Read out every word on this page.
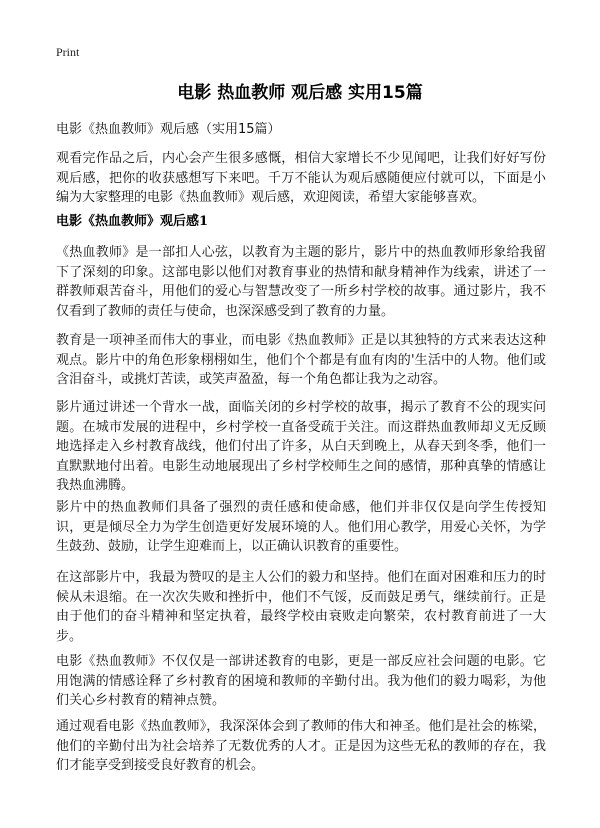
Print
电影 热血教师 观后感 实用15篇
电影《热血教师》观后感（实用15篇）

观看完作品之后，内心会产生很多感慨，相信大家增长不少见闻吧，让我们好好写份观后感，把你的收获感想写下来吧。千万不能认为观后感随便应付就可以，下面是小编为大家整理的电影《热血教师》观后感，欢迎阅读，希望大家能够喜欢。

电影《热血教师》观后感1

《热血教师》是一部扣人心弦，以教育为主题的影片，影片中的热血教师形象给我留下了深刻的印象。这部电影以他们对教育事业的热情和献身精神作为线索，讲述了一群教师艰苦奋斗，用他们的爱心与智慧改变了一所乡村学校的故事。通过影片，我不仅看到了教师的责任与使命，也深深感受到了教育的力量。

教育是一项神圣而伟大的事业，而电影《热血教师》正是以其独特的方式来表达这种观点。影片中的角色形象栩栩如生，他们个个都是有血有肉的'生活中的人物。他们或含泪奋斗，或挑灯苦读，或笑声盈盈，每一个角色都让我为之动容。

影片通过讲述一个背水一战，面临关闭的乡村学校的故事，揭示了教育不公的现实问题。在城市发展的进程中，乡村学校一直备受疏于关注。而这群热血教师却义无反顾地选择走入乡村教育战线，他们付出了许多，从白天到晚上，从春天到冬季，他们一直默默地付出着。电影生动地展现出了乡村学校师生之间的感情，那种真挚的情感让我热血沸腾。

影片中的热血教师们具备了强烈的责任感和使命感，他们并非仅仅是向学生传授知识，更是倾尽全力为学生创造更好发展环境的人。他们用心教学，用爱心关怀，为学生鼓劲、鼓励，让学生迎难而上，以正确认识教育的重要性。

在这部影片中，我最为赞叹的是主人公们的毅力和坚持。他们在面对困难和压力的时候从未退缩。在一次次失败和挫折中，他们不气馁，反而鼓足勇气，继续前行。正是由于他们的奋斗精神和坚定执着，最终学校由衰败走向繁荣，农村教育前进了一大步。

电影《热血教师》不仅仅是一部讲述教育的电影，更是一部反应社会问题的电影。它用饱满的情感诠释了乡村教育的困境和教师的辛勤付出。我为他们的毅力喝彩，为他们关心乡村教育的精神点赞。

通过观看电影《热血教师》，我深深体会到了教师的伟大和神圣。他们是社会的栋梁，他们的辛勤付出为社会培养了无数优秀的人才。正是因为这些无私的教师的存在，我们才能享受到接受良好教育的机会。
